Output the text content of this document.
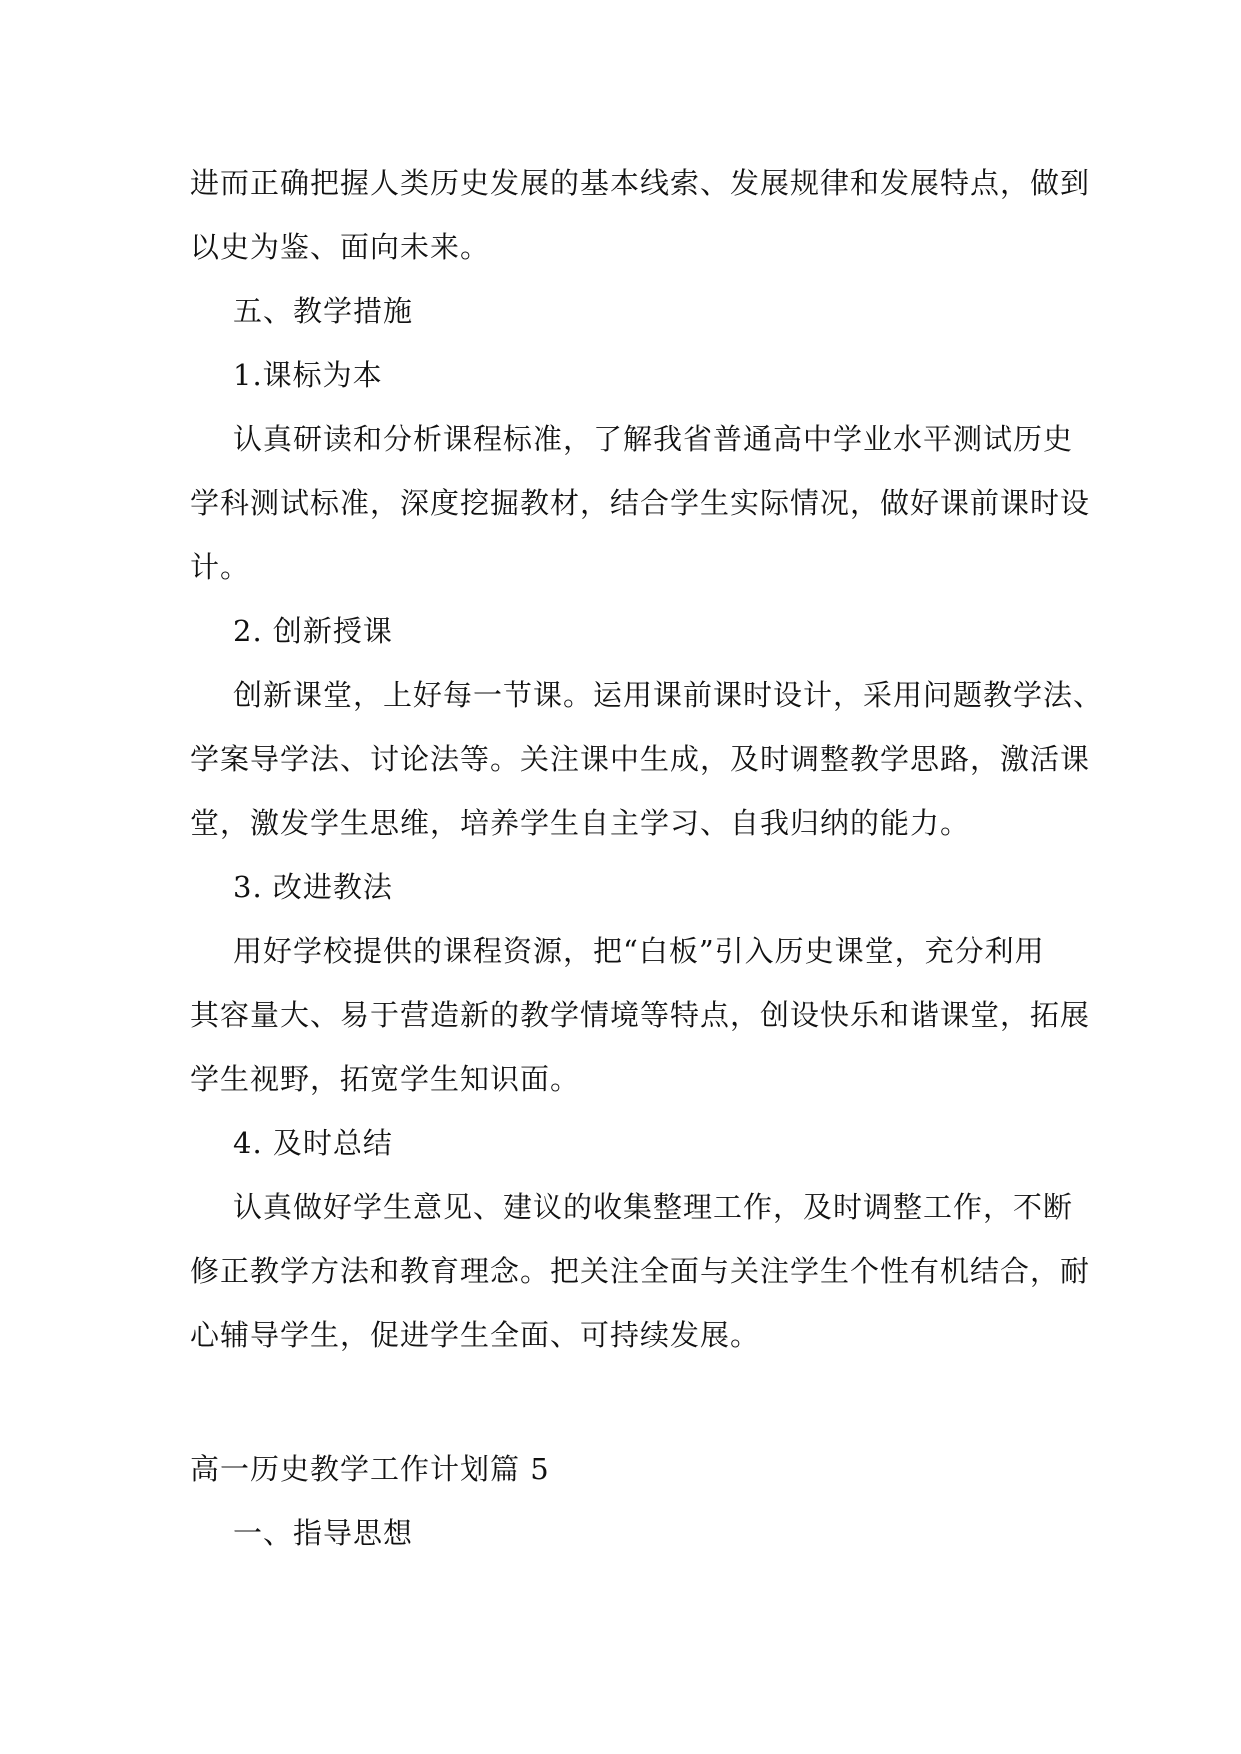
进而正确把握人类历史发展的基本线索、发展规律和发展特点，做到
以史为鉴、面向未来。
五、教学措施
1.课标为本
认真研读和分析课程标准，了解我省普通高中学业水平测试历史
学科测试标准，深度挖掘教材，结合学生实际情况，做好课前课时设
计。
2. 创新授课
创新课堂，上好每一节课。运用课前课时设计，采用问题教学法、
学案导学法、讨论法等。关注课中生成，及时调整教学思路，激活课
堂，激发学生思维，培养学生自主学习、自我归纳的能力。
3. 改进教法
用好学校提供的课程资源，把“白板”引入历史课堂，充分利用
其容量大、易于营造新的教学情境等特点，创设快乐和谐课堂，拓展
学生视野，拓宽学生知识面。
4. 及时总结
认真做好学生意见、建议的收集整理工作，及时调整工作，不断
修正教学方法和教育理念。把关注全面与关注学生个性有机结合，耐
心辅导学生，促进学生全面、可持续发展。
高一历史教学工作计划篇 5
一、指导思想
